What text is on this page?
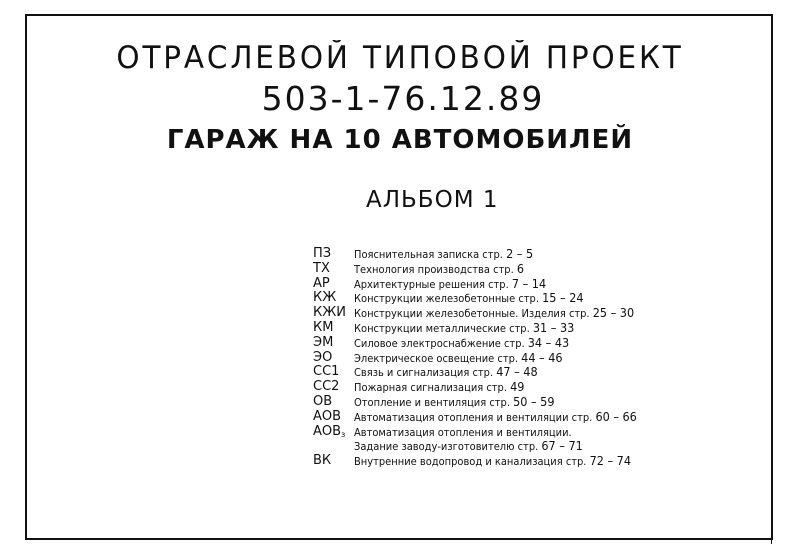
ОТРАСЛЕВОЙ ТИПОВОЙ ПРОЕКТ
503-1-76.12.89
ГАРАЖ НА 10 АВТОМОБИЛЕЙ
АЛЬБОМ 1
ПЗ	Пояснительная записка стр. 2 – 5
ТХ	Технология производства стр. 6
АР	Архитектурные решения стр. 7 – 14
КЖ	Конструкции железобетонные стр. 15 – 24
КЖИ Конструкции железобетонные. Изделия стр. 25 – 30
КМ	Конструкции металлические стр. 31 – 33
ЭМ	Силовое электроснабжение стр. 34 – 43
ЭО	Электрическое освещение стр. 44 – 46
СС1	Связь и сигнализация стр. 47 – 48
СС2	Пожарная сигнализация стр. 49
ОВ	Отопление и вентиляция стр. 50 – 59
АОВ	Автоматизация отопления и вентиляции стр. 60 – 66
$АОВ_з$ Автоматизация отопления и вентиляции.
Задание заводу-изготовителю стр. 67 – 71
ВК	Внутренние водопровод и канализация стр. 72 – 74
